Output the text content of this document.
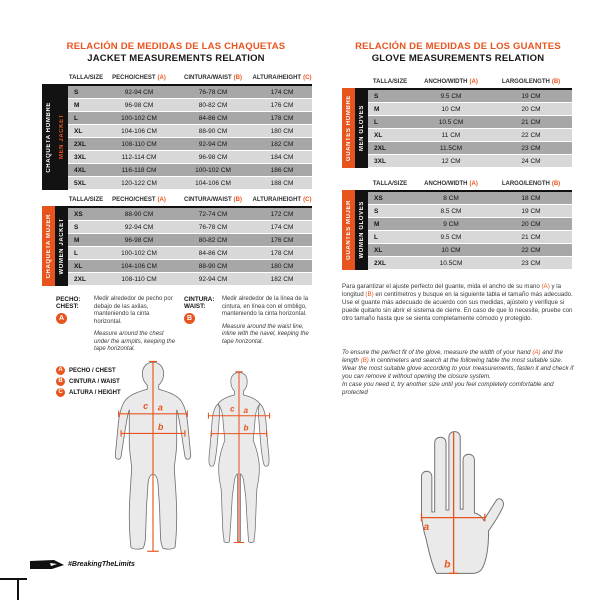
RELACIÓN DE MEDIDAS DE LAS CHAQUETAS
JACKET MEASUREMENTS RELATION
TALLA/SIZE	PECHO/CHEST (A)	CINTURA/WAIST (B)	ALTURA/HEIGHT (C)
CHAQUETA HOMBRE MEN JACKET
S	92-94 CM	76-78 CM	174 CM
M	96-98 CM	80-82 CM	176 CM
L	100-102 CM	84-86 CM	178 CM
XL	104-106 CM	88-90 CM	180 CM
2XL	108-110 CM	92-94 CM	182 CM
3XL	112-114 CM	96-98 CM	184 CM
4XL	116-118 CM	100-102 CM	186 CM
5XL	120-122 CM	104-106 CM	188 CM
TALLA/SIZE	PECHO/CHEST (A)	CINTURA/WAIST (B)	ALTURA/HEIGHT (C)
CHAQUETA MUJER WOMEN JACKET
XS	88-90 CM	72-74 CM	172 CM
S	92-94 CM	76-78 CM	174 CM
M	96-98 CM	80-82 CM	176 CM
L	100-102 CM	84-86 CM	178 CM
XL	104-106 CM	88-90 CM	180 CM
2XL	108-110 CM	92-94 CM	182 CM
PECHO:
CHEST:
A
Medir alrededor de pecho por debajo de las axilas, manteniendo la cinta horizontal.
Measure around the chest under the armpits, keeping the tape horizontal.
CINTURA:
WAIST:
B
Medir alrededor de la línea de la cintura, en línea con el ombligo, manteniendo la cinta horizontal.
Measure around the waist line, inline with the navel, keeping the tape horizontal.
A	PECHO / CHEST
B	CINTURA / WAIST
C	ALTURA / HEIGHT
c a
b
c a
b
RELACIÓN DE MEDIDAS DE LOS GUANTES
GLOVE MEASUREMENTS RELATION
TALLA/SIZE	ANCHO/WIDTH (A)	LARGO/LENGTH (B)
GUANTES HOMBRE MEN GLOVES
S	9.5 CM	19 CM
M	10 CM	20 CM
L	10.5 CM	21 CM
XL	11 CM	22 CM
2XL	11.5CM	23 CM
3XL	12 CM	24 CM
TALLA/SIZE	ANCHO/WIDTH (A)	LARGO/LENGTH (B)
GUANTES MUJER WOMEN GLOVES
XS	8 CM	18 CM
S	8.5 CM	19 CM
M	9 CM	20 CM
L	9.5 CM	21 CM
XL	10 CM	22 CM
2XL	10.5CM	23 CM

Para garantizar el ajuste perfecto del guante, mida el ancho de su mano (A) y la longitud (B) en centímetros y busque en la siguiente tabla el tamaño más adecuado.

Use el guante más adecuado de acuerdo con sus medidas, ajústelo y verifique si puede quitarlo sin abrir el sistema de cierre. En caso de que lo necesite, pruebe con otro tamaño hasta que se sienta completamente cómodo y protegido.

To ensure the perfect fit of the glove, measure the width of your hand (A) and the length (B) in centimeters and search at the following table the most suitable size. Wear the most suitable glove according to your measurements, fasten it and check if you can remove it without opening the closure system.

In case you need it, try another size until you feel completely comfortable and protected

a
b
#BreakingTheLimits
